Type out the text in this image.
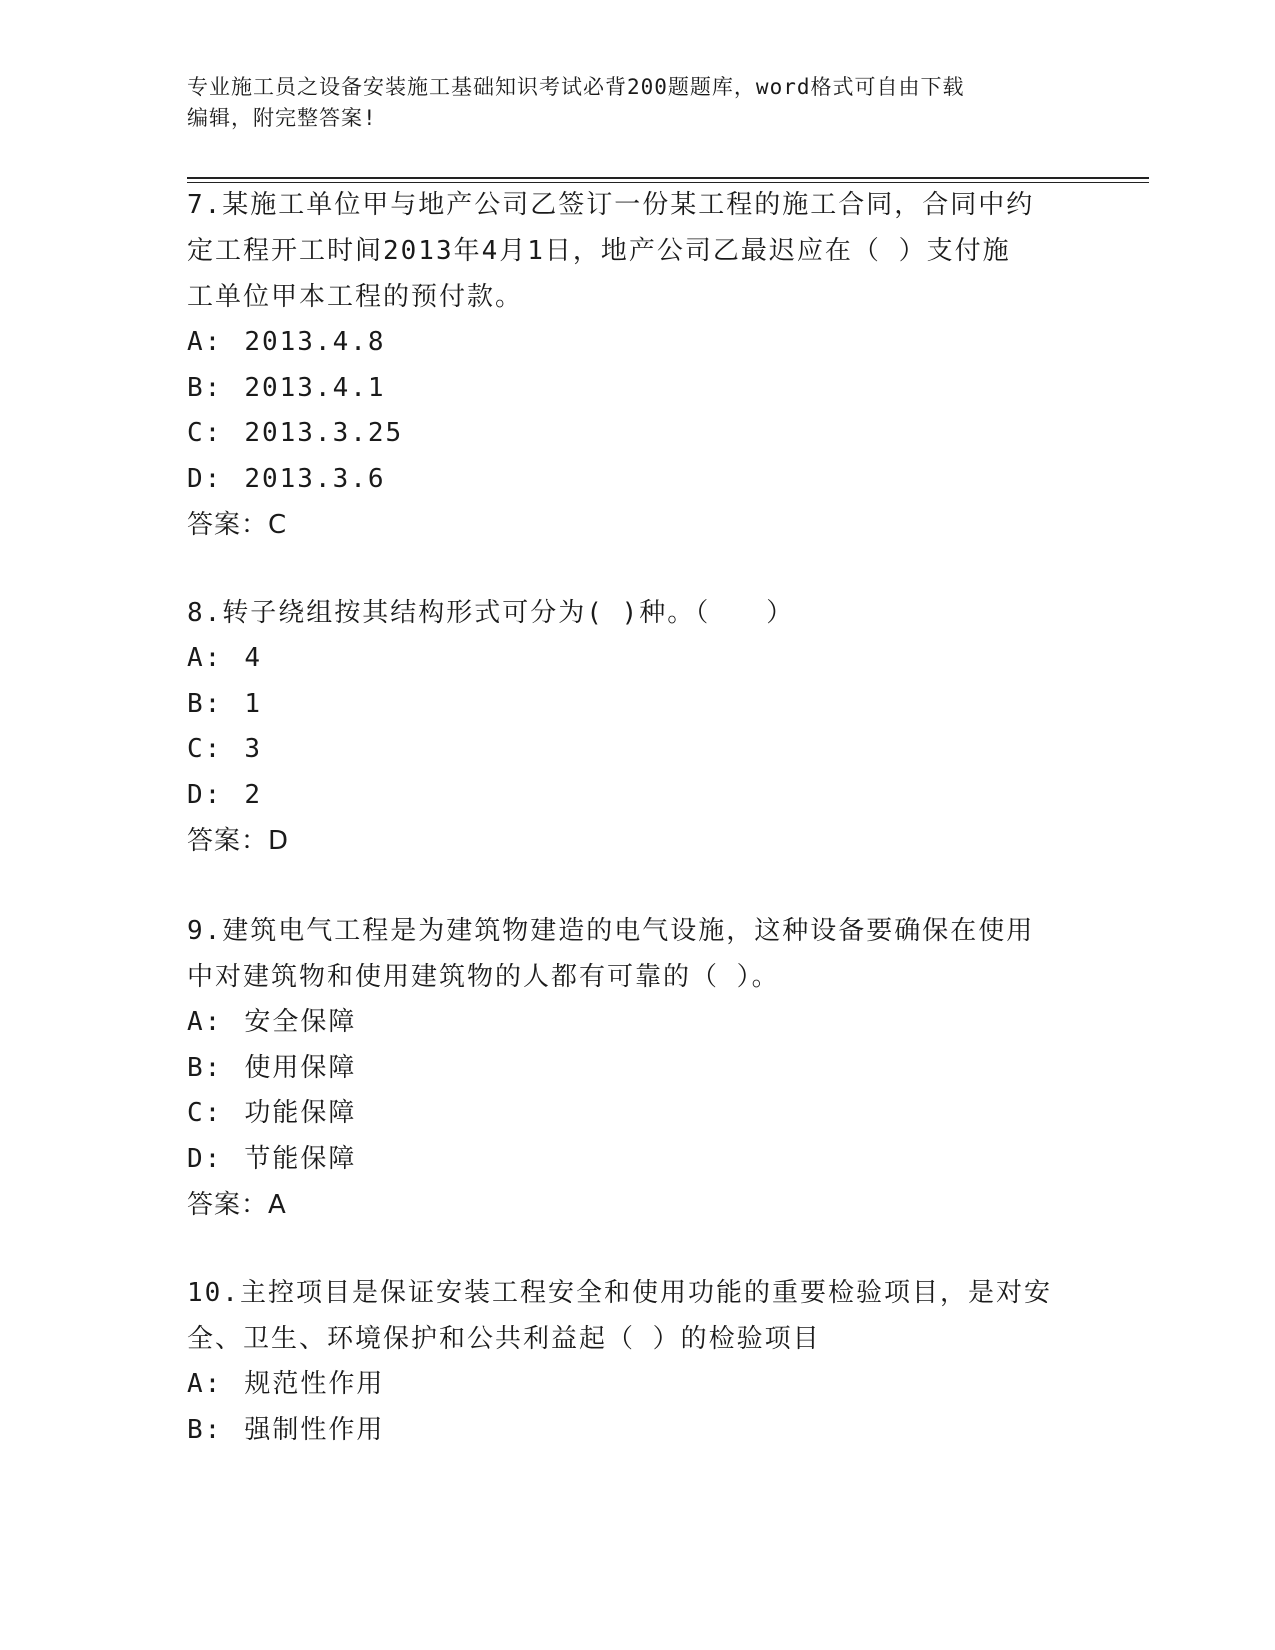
专业施工员之设备安装施工基础知识考试必背200题题库，word格式可自由下载
编辑，附完整答案!

7.某施工单位甲与地产公司乙签订一份某工程的施工合同，合同中约

定工程开工时间2013年4月1日，地产公司乙最迟应在（ ）支付施

工单位甲本工程的预付款。

A: 2013.4.8

B: 2013.4.1

C: 2013.3.25

D: 2013.3.6

答案：C

8.转子绕组按其结构形式可分为( )种。（　　）

A: 4

B: 1

C: 3

D: 2

答案：D

9.建筑电气工程是为建筑物建造的电气设施，这种设备要确保在使用

中对建筑物和使用建筑物的人都有可靠的（ ）。

A: 安全保障

B: 使用保障

C: 功能保障

D: 节能保障

答案：A

10.主控项目是保证安装工程安全和使用功能的重要检验项目，是对安

全、卫生、环境保护和公共利益起（ ）的检验项目

A: 规范性作用

B: 强制性作用
